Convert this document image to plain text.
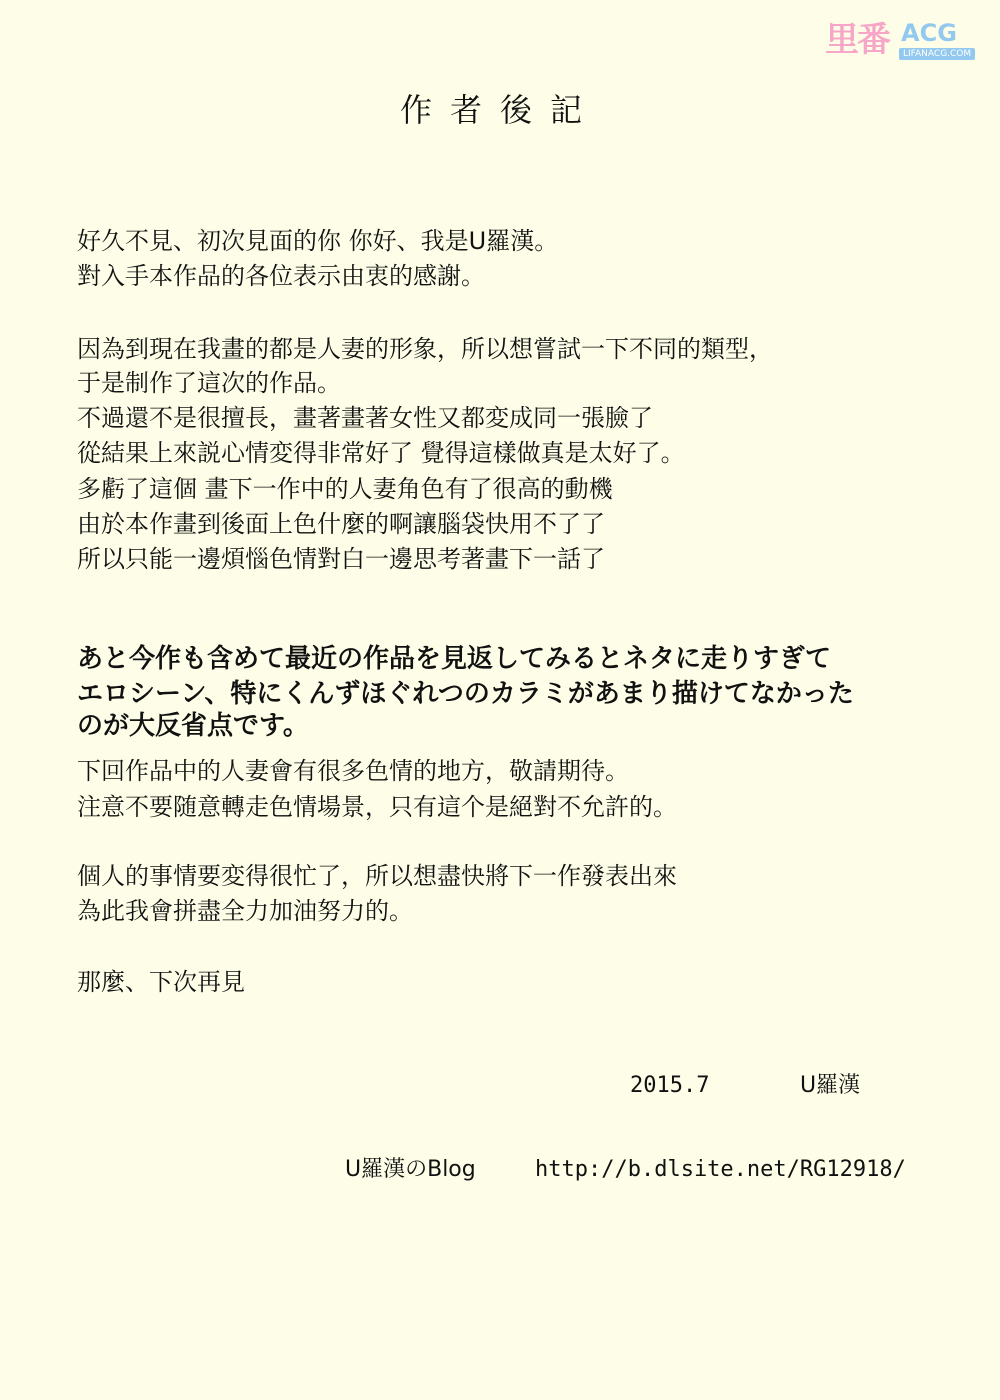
里番 ACG
LIFANACG.COM
作者後記

好久不見、初次見面的你 你好、我是U羅漢。

對入手本作品的各位表示由衷的感謝。

因為到現在我畫的都是人妻的形象，所以想嘗試一下不同的類型，

于是制作了這次的作品。

不過還不是很擅長，畫著畫著女性又都変成同一張臉了

從結果上來説心情変得非常好了 覺得這樣做真是太好了。

多虧了這個 畫下一作中的人妻角色有了很高的動機

由於本作畫到後面上色什麼的啊讓腦袋快用不了了

所以只能一邊煩惱色情對白一邊思考著畫下一話了

あと今作も含めて最近の作品を見返してみるとネタに走りすぎて

エロシーン、特にくんずほぐれつのカラミがあまり描けてなかった

のが大反省点です。

下回作品中的人妻會有很多色情的地方，敬請期待。

注意不要随意轉走色情場景，只有這个是絕對不允許的。

個人的事情要変得很忙了，所以想盡快將下一作發表出來

為此我會拼盡全力加油努力的。

那麼、下次再見

2015.7	U羅漢
U羅漢のBlog	http://b.dlsite.net/RG12918/
